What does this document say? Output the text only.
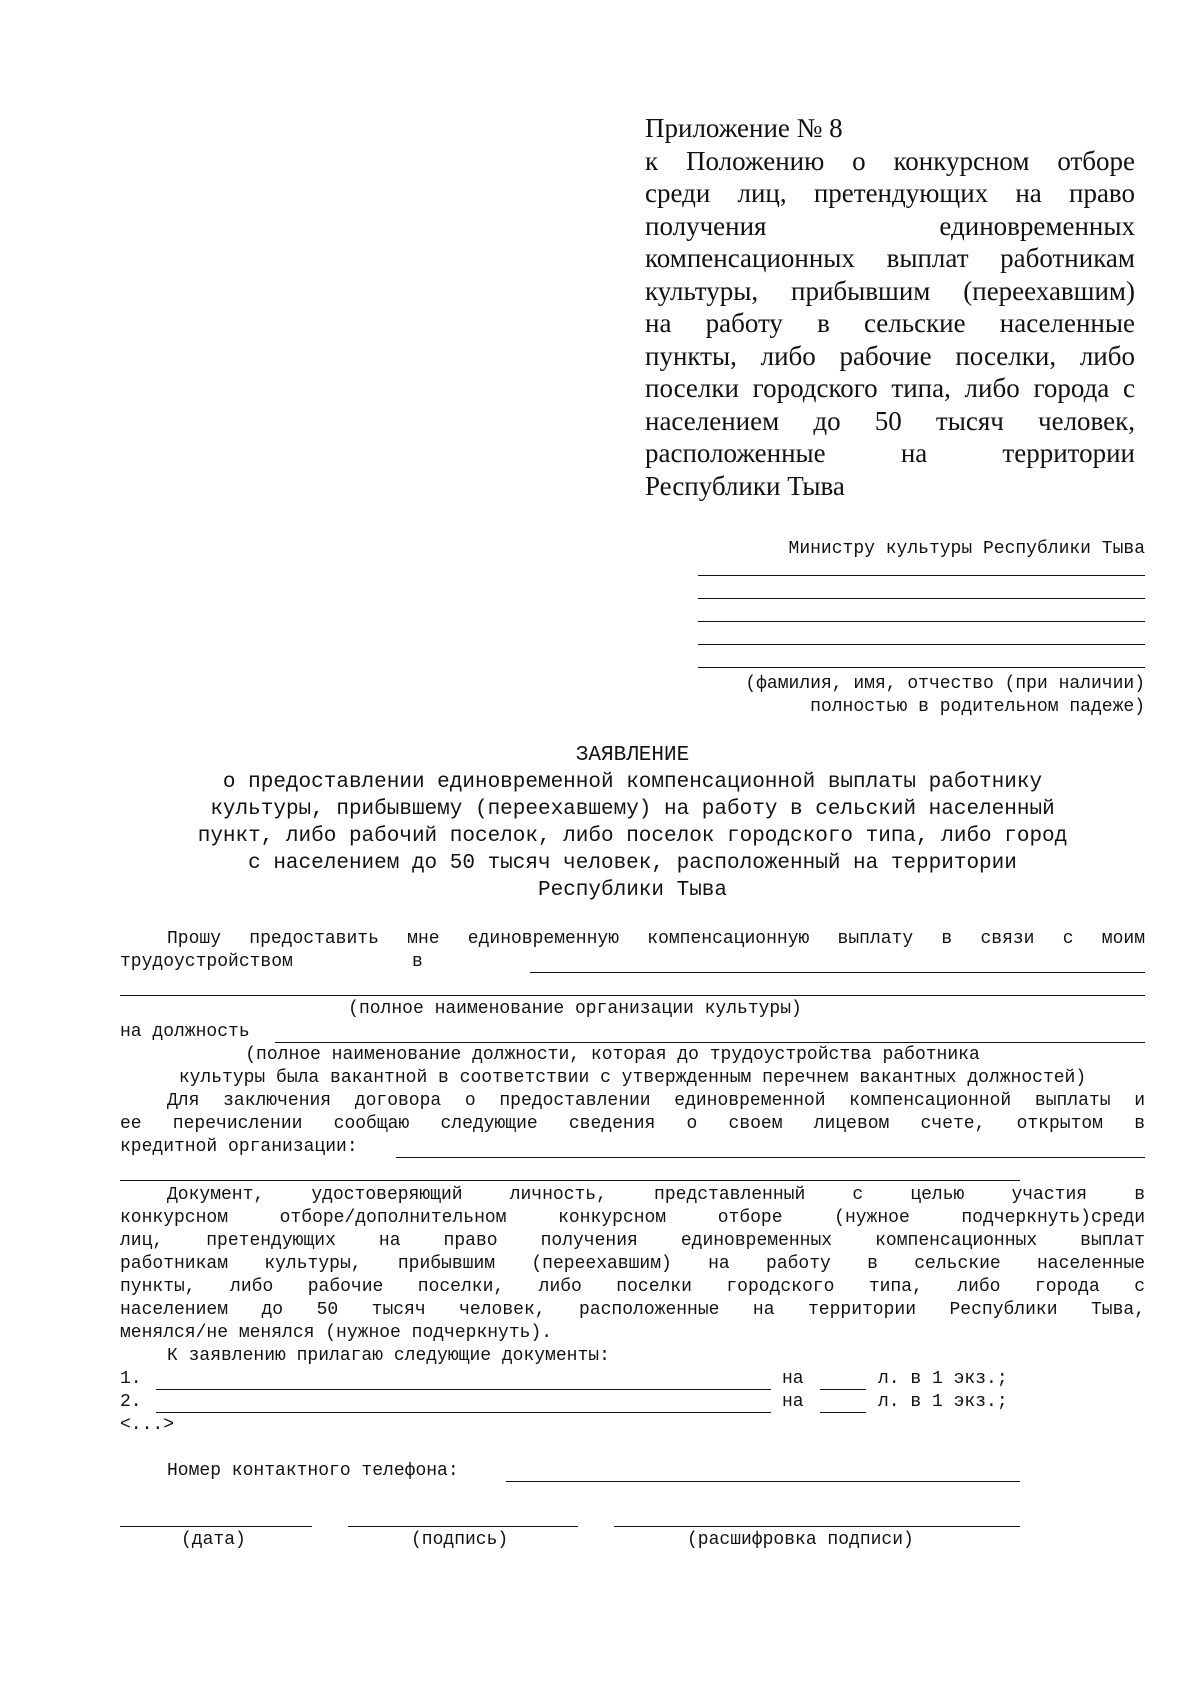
Приложение № 8
к Положению о конкурсном отборе
среди лиц, претендующих на право
получения единовременных
компенсационных выплат работникам
культуры, прибывшим (переехавшим)
на работу в сельские населенные
пункты, либо рабочие поселки, либо
поселки городского типа, либо города с
населением до 50 тысяч человек,
расположенные на территории
Республики Тыва
Министру культуры Республики Тыва
(фамилия, имя, отчество (при наличии)
полностью в родительном падеже)
ЗАЯВЛЕНИЕ
о предоставлении единовременной компенсационной выплаты работнику
культуры, прибывшему (переехавшему) на работу в сельский населенный
пункт, либо рабочий поселок, либо поселок городского типа, либо город
с населением до 50 тысяч человек, расположенный на территории
Республики Тыва
Прошу предоставить мне единовременную компенсационную выплату в связи с моим
трудоустройством	в
(полное наименование организации культуры)
на должность
(полное наименование должности, которая до трудоустройства работника
культуры была вакантной в соответствии с утвержденным перечнем вакантных должностей)
Для заключения договора о предоставлении единовременной компенсационной выплаты и
ее перечислении сообщаю следующие сведения о своем лицевом счете, открытом в
кредитной организации:
Документ, удостоверяющий личность, представленный с целью участия в
конкурсном отборе/дополнительном конкурсном отборе (нужное подчеркнуть)среди
лиц, претендующих на право получения единовременных компенсационных выплат
работникам культуры, прибывшим (переехавшим) на работу в сельские населенные
пункты, либо рабочие поселки, либо поселки городского типа, либо города с
населением до 50 тысяч человек, расположенные на территории Республики Тыва,
менялся/не менялся (нужное подчеркнуть).
К заявлению прилагаю следующие документы:
1.	на	л. в 1 экз.;
2.	на	л. в 1 экз.;
<...>
Номер контактного телефона:
(дата)	(подпись)	(расшифровка подписи)
